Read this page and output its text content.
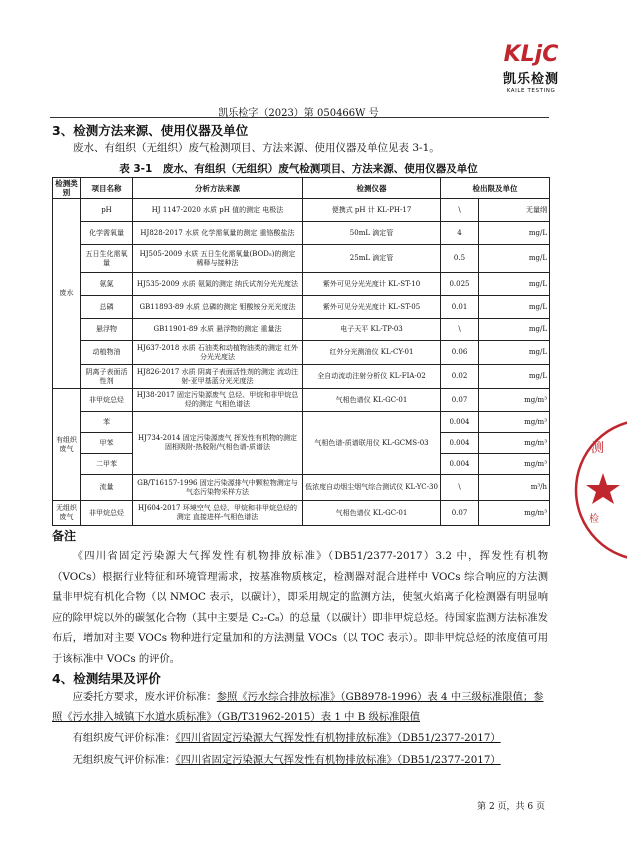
KLjC
凯乐检测
KAILE TESTING
凯乐检字（2023）第 050466W 号
3、检测方法来源、使用仪器及单位
废水、有组织（无组织）废气检测项目、方法来源、使用仪器及单位见表 3-1。
表 3-1　废水、有组织（无组织）废气检测项目、方法来源、使用仪器及单位
检测类别	项目名称	分析方法来源	检测仪器	检出限及单位	
废水	pH	HJ 1147-2020 水质 pH 值的测定 电极法	便携式 pH 计 KL-PH-17	\	无量纲
	化学需氧量	HJ828-2017 水质 化学需氧量的测定 重铬酸盐法	50mL 滴定管	4	mg/L
	五日生化需氧量	HJ505-2009 水质 五日生化需氧量(BOD₅)的测定 稀释与接种法	25mL 滴定管	0.5	mg/L
	氨氮	HJ535-2009 水质 氨氮的测定 纳氏试剂分光光度法	紫外可见分光光度计 KL-ST-10	0.025	mg/L
	总磷	GB11893-89 水质 总磷的测定 钼酸铵分光光度法	紫外可见分光光度计 KL-ST-05	0.01	mg/L
	悬浮物	GB11901-89 水质 悬浮物的测定 重量法	电子天平 KL-TP-03	\	mg/L
	动植物油	HJ637-2018 水质 石油类和动植物油类的测定 红外分光光度法	红外分光测油仪 KL-CY-01	0.06	mg/L
	阴离子表面活性剂	HJ826-2017 水质 阴离子表面活性剂的测定 流动注射-亚甲基蓝分光光度法	全自动流动注射分析仪 KL-FIA-02	0.02	mg/L
有组织废气	非甲烷总烃	HJ38-2017 固定污染源废气 总烃、甲烷和非甲烷总烃的测定 气相色谱法	气相色谱仪 KL-GC-01	0.07	mg/m³
	苯	HJ734-2014 固定污染源废气 挥发性有机物的测定 固相吸附-热脱附/气相色谱-质谱法	气相色谱-质谱联用仪 KL-GCMS-03	0.004	mg/m³
	甲苯			0.004	mg/m³
	二甲苯			0.004	mg/m³
	流量	GB/T16157-1996 固定污染源排气中颗粒物测定与气态污染物采样方法	低浓度自动烟尘烟气综合测试仪 KL-YC-30	\	m³/h
无组织废气	非甲烷总烃	HJ604-2017 环境空气 总烃、甲烷和非甲烷总烃的测定 直接进样-气相色谱法	气相色谱仪 KL-GC-01	0.07	mg/m³
备注
《四川省固定污染源大气挥发性有机物排放标准》（DB51/2377-2017）3.2 中，挥发性有机物（VOCs）根据行业特征和环境管理需求，按基准物质核定，检测器对混合进样中 VOCs 综合响应的方法测量非甲烷有机化合物（以 NMOC 表示，以碳计），即采用规定的监测方法，使氢火焰离子化检测器有明显响应的除甲烷以外的碳氢化合物（其中主要是 C₂-C₈）的总量（以碳计）即非甲烷总烃。待国家监测方法标准发布后，增加对主要 VOCs 物种进行定量加和的方法测量 VOCs（以 TOC 表示）。即非甲烷总烃的浓度值可用于该标准中 VOCs 的评价。
4、检测结果及评价
应委托方要求，废水评价标准：参照《污水综合排放标准》（GB8978-1996）表 4 中三级标准限值；参照《污水排入城镇下水道水质标准》（GB/T31962-2015）表 1 中 B 级标准限值
有组织废气评价标准：《四川省固定污染源大气挥发性有机物排放标准》（DB51/2377-2017）
无组织废气评价标准：《四川省固定污染源大气挥发性有机物排放标准》（DB51/2377-2017）
第 2 页，共 6 页
测
检
